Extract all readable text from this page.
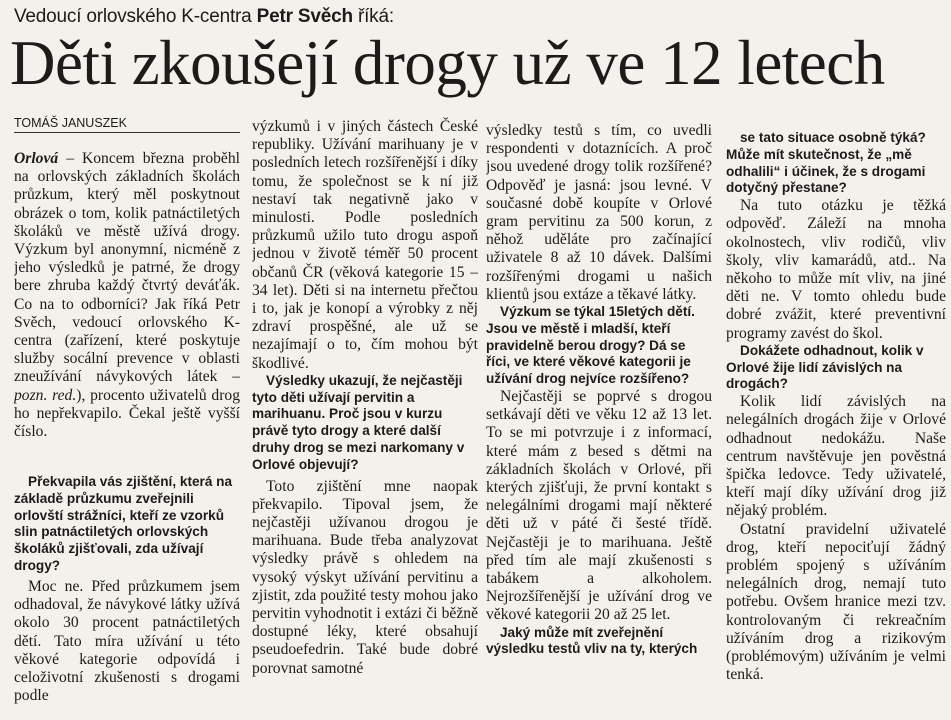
Vedoucí orlovského K-centra Petr Svěch říká:
Děti zkoušejí drogy už ve 12 letech
TOMÁŠ JANUSZEK

Orlová – Koncem března proběhl na orlovských základních školách průzkum, který měl poskytnout obrázek o tom, kolik patnáctiletých školáků ve městě užívá drogy. Výzkum byl anonymní, nicméně z jeho výsledků je patrné, že drogy bere zhruba každý čtvrtý deváťák. Co na to odborníci? Jak říká Petr Svěch, vedoucí orlovského K-centra (zařízení, které poskytuje služby socální prevence v oblasti zneužívání návykových látek – pozn. red.), procento uživatelů drog ho nepřekvapilo. Čekal ještě vyšší číslo.

Překvapila vás zjištění, která na základě průzkumu zveřejnili orlovští strážníci, kteří ze vzorků slin patnáctiletých orlovských školáků zjišťovali, zda užívají drogy?

Moc ne. Před průzkumem jsem odhadoval, že návykové látky užívá okolo 30 procent patnáctiletých dětí. Tato míra užívání u této věkové kategorie odpovídá i celoživotní zkušenosti s drogami podle

výzkumů i v jiných částech České republiky. Užívání marihuany je v posledních letech rozšířenější i díky tomu, že společnost se k ní již nestaví tak negativně jako v minulosti. Podle posledních průzkumů užilo tuto drogu aspoň jednou v životě téměř 50 procent občanů ČR (věková kategorie 15 – 34 let). Děti si na internetu přečtou i to, jak je konopí a výrobky z něj zdraví prospěšné, ale už se nezajímají o to, čím mohou být škodlivé.

Výsledky ukazují, že nejčastěji tyto děti užívají pervitin a marihuanu. Proč jsou v kurzu právě tyto drogy a které další druhy drog se mezi narkomany v Orlové objevují?

Toto zjištění mne naopak překvapilo. Tipoval jsem, že nejčastěji užívanou drogou je marihuana. Bude třeba analyzovat výsledky právě s ohledem na vysoký výskyt užívání pervitinu a zjistit, zda použité testy mohou jako pervitin vyhodnotit i extázi či běžně dostupné léky, které obsahují pseudoefedrin. Také bude dobré porovnat samotné

výsledky testů s tím, co uvedli respondenti v dotaznících. A proč jsou uvedené drogy tolik rozšířené? Odpověď je jasná: jsou levné. V současné době koupíte v Orlové gram pervitinu za 500 korun, z něhož uděláte pro začínající uživatele 8 až 10 dávek. Dalšími rozšířenými drogami u našich klientů jsou extáze a těkavé látky.

Výzkum se týkal 15letých dětí. Jsou ve městě i mladší, kteří pravidelně berou drogy? Dá se říci, ve které věkové kategorii je užívání drog nejvíce rozšířeno?

Nejčastěji se poprvé s drogou setkávají děti ve věku 12 až 13 let. To se mi potvrzuje i z informací, které mám z besed s dětmi na základních školách v Orlové, při kterých zjišťuji, že první kontakt s nelegálními drogami mají některé děti už v páté či šesté třídě. Nejčastěji je to marihuana. Ještě před tím ale mají zkušenosti s tabákem a alkoholem. Nejrozšířenější je užívání drog ve věkové kategorii 20 až 25 let.

Jaký může mít zveřejnění výsledku testů vliv na ty, kterých

se tato situace osobně týká? Může mít skutečnost, že „mě odhalili“ i účinek, že s drogami dotyčný přestane?

Na tuto otázku je těžká odpověď. Záleží na mnoha okolnostech, vliv rodičů, vliv školy, vliv kamarádů, atd.. Na někoho to může mít vliv, na jiné děti ne. V tomto ohledu bude dobré zvážit, které preventivní programy zavést do škol.

Dokážete odhadnout, kolik v Orlové žije lidí závislých na drogách?

Kolik lidí závislých na nelegálních drogách žije v Orlové odhadnout nedokážu. Naše centrum navštěvuje jen pověstná špička ledovce. Tedy uživatelé, kteří mají díky užívání drog již nějaký problém.

Ostatní pravidelní uživatelé drog, kteří nepociťují žádný problém spojený s užíváním nelegálních drog, nemají tuto potřebu. Ovšem hranice mezi tzv. kontrolovaným či rekreačním užíváním drog a rizikovým (problémovým) užíváním je velmi tenká.
